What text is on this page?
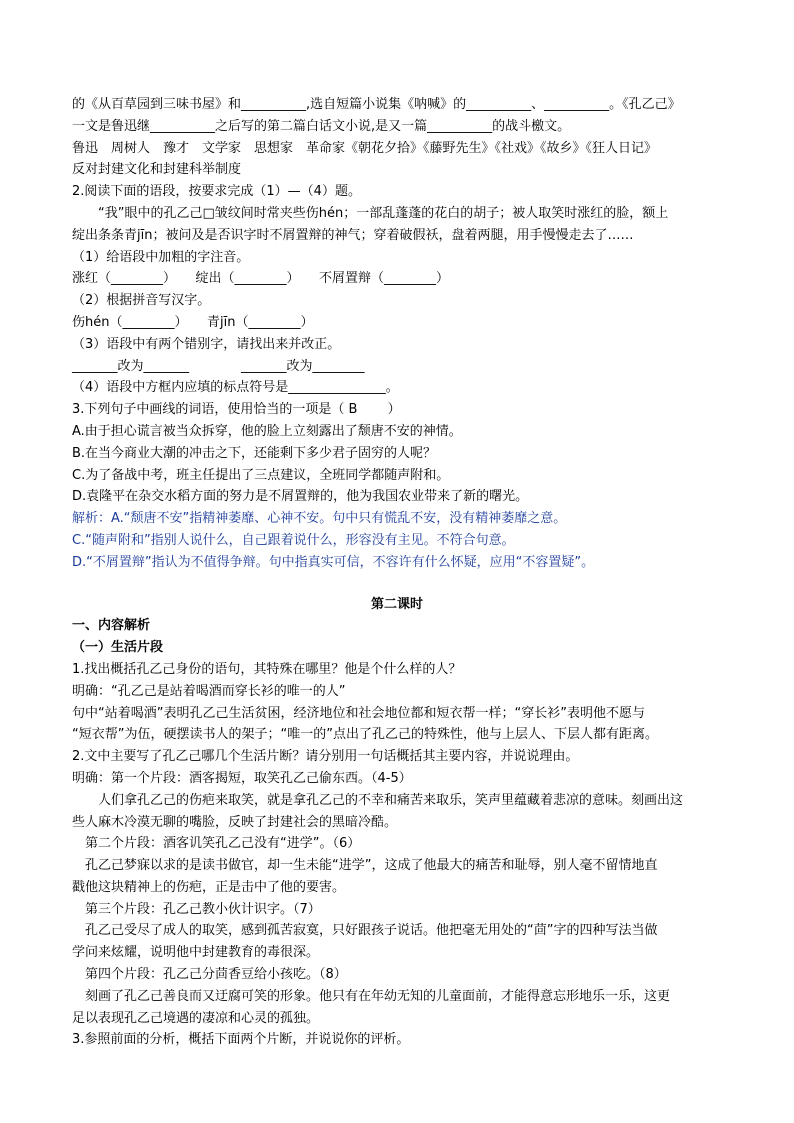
的《从百草园到三味书屋》和__________,选自短篇小说集《呐喊》的__________、__________。《孔乙己》
一文是鲁迅继__________之后写的第二篇白话文小说,是又一篇__________的战斗檄文。
鲁迅　周树人　豫才　文学家　思想家　革命家《朝花夕拾》《藤野先生》《社戏》《故乡》《狂人日记》
反对封建文化和封建科举制度
2.阅读下面的语段，按要求完成（1）—（4）题。
“我”眼中的孔乙己□皱纹间时常夹些伤hén；一部乱蓬蓬的花白的胡子；被人取笑时涨红的脸，额上
绽出条条青jīn；被问及是否识字时不屑置辩的神气；穿着破假袄，盘着两腿，用手慢慢走去了……
（1）给语段中加粗的字注音。
涨红（________）　　绽出（________）　　不屑置辩（________）
（2）根据拼音写汉字。
伤hén（________）　　青jīn（________）
（3）语段中有两个错别字，请找出来并改正。
_______改为_______　　　　_______改为________
（4）语段中方框内应填的标点符号是_______________。
3.下列句子中画线的词语，使用恰当的一项是（ B 　　）
A.由于担心谎言被当众拆穿，他的脸上立刻露出了颓唐不安的神情。
B.在当今商业大潮的冲击之下，还能剩下多少君子固穷的人呢？
C.为了备战中考，班主任提出了三点建议，全班同学都随声附和。
D.袁隆平在杂交水稻方面的努力是不屑置辩的，他为我国农业带来了新的曙光。
解析：A.“颓唐不安”指精神萎靡、心神不安。句中只有慌乱不安，没有精神萎靡之意。
C.“随声附和”指别人说什么，自己跟着说什么，形容没有主见。不符合句意。
D.“不屑置辩”指认为不值得争辩。句中指真实可信，不容许有什么怀疑，应用“不容置疑”。
第二课时
一、内容解析
（一）生活片段
1.找出概括孔乙己身份的语句，其特殊在哪里？他是个什么样的人？
明确：“孔乙己是站着喝酒而穿长衫的唯一的人”
句中“站着喝酒”表明孔乙己生活贫困，经济地位和社会地位都和短衣帮一样；“穿长衫”表明他不愿与
“短衣帮”为伍，硬摆读书人的架子；“唯一的”点出了孔乙己的特殊性，他与上层人、下层人都有距离。
2.文中主要写了孔乙己哪几个生活片断？请分别用一句话概括其主要内容，并说说理由。
明确：第一个片段：酒客揭短，取笑孔乙己偷东西。（4-5）
人们拿孔乙己的伤疤来取笑，就是拿孔乙己的不幸和痛苦来取乐，笑声里蕴藏着悲凉的意味。刻画出这
些人麻木冷漠无聊的嘴脸，反映了封建社会的黑暗冷酷。
第二个片段：酒客讥笑孔乙己没有“进学”。（6）
孔乙己梦寐以求的是读书做官，却一生未能“进学”，这成了他最大的痛苦和耻辱，别人毫不留情地直
戳他这块精神上的伤疤，正是击中了他的要害。
第三个片段：孔乙己教小伙计识字。（7）
孔乙己受尽了成人的取笑，感到孤苦寂寞，只好跟孩子说话。他把毫无用处的“茴”字的四种写法当做
学问来炫耀，说明他中封建教育的毒很深。
第四个片段：孔乙己分茴香豆给小孩吃。（8）
刻画了孔乙己善良而又迂腐可笑的形象。他只有在年幼无知的儿童面前，才能得意忘形地乐一乐，这更
足以表现孔乙己境遇的凄凉和心灵的孤独。
3.参照前面的分析，概括下面两个片断，并说说你的评析。
